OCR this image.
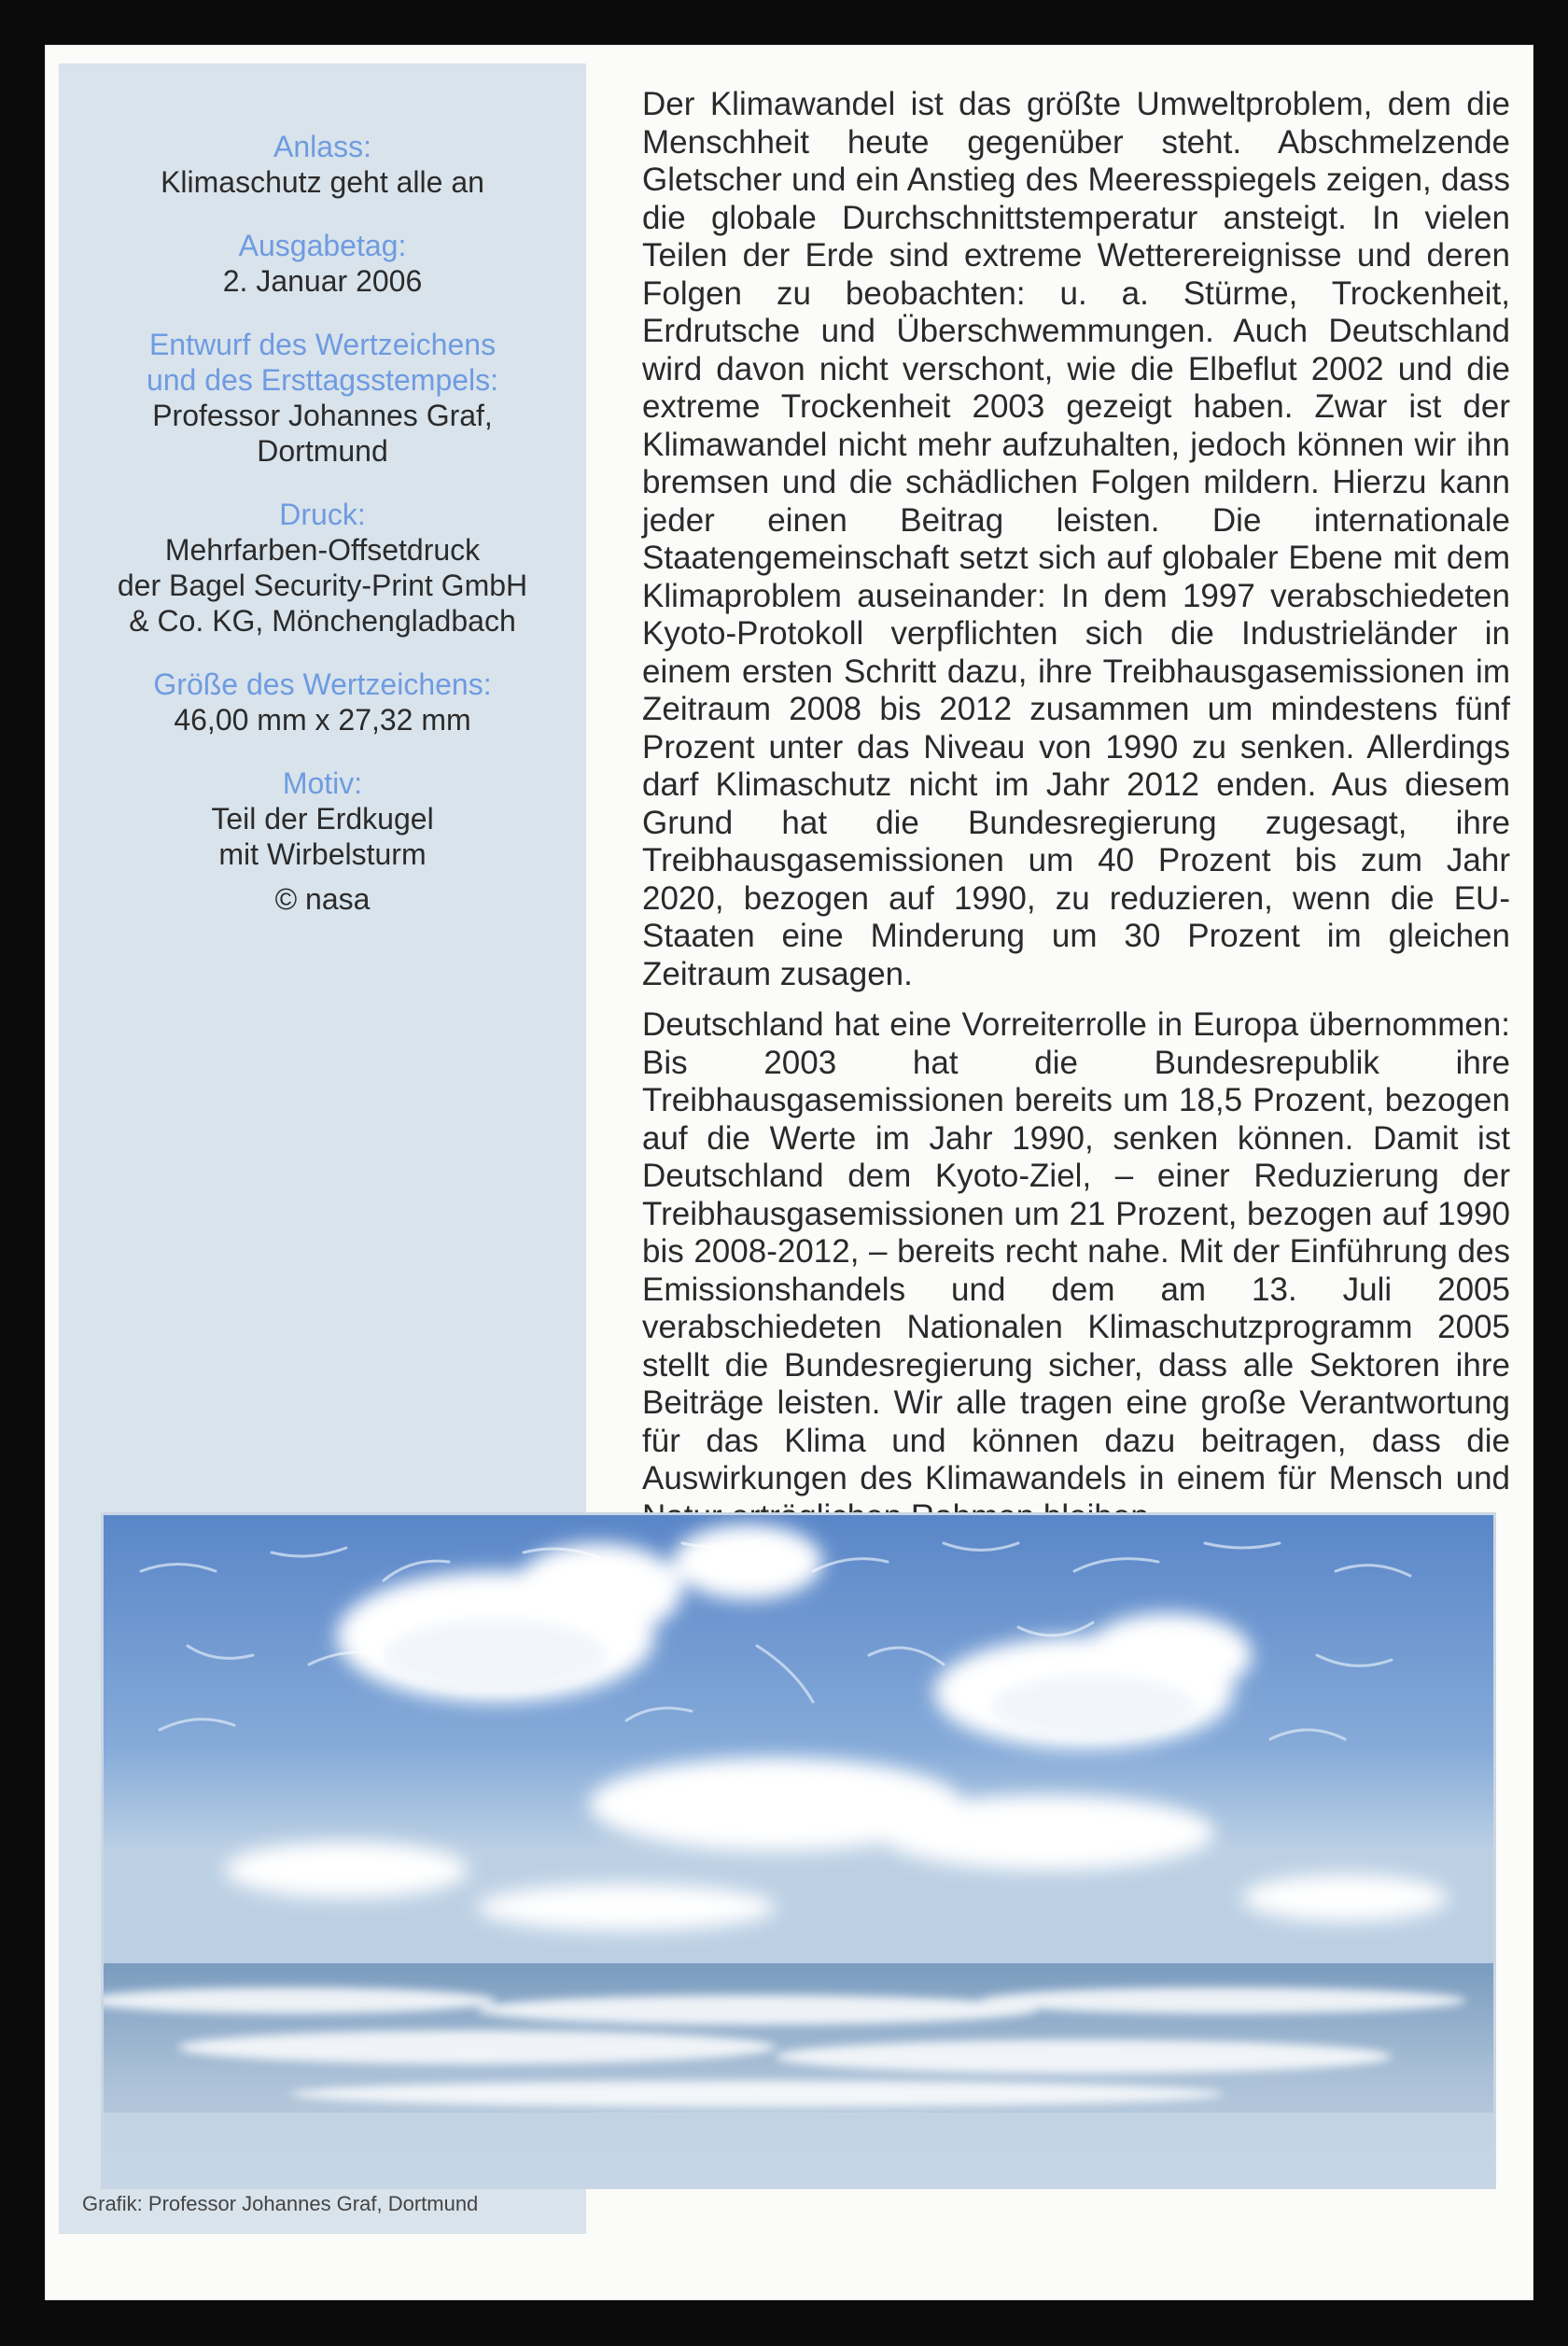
Anlass:
Klimaschutz geht alle an
Ausgabetag:
2. Januar 2006
Entwurf des Wertzeichens
und des Ersttagsstempels:
Professor Johannes Graf,
Dortmund
Druck:
Mehrfarben-Offsetdruck
der Bagel Security-Print GmbH
& Co. KG, Mönchengladbach
Größe des Wertzeichens:
46,00 mm x 27,32 mm
Motiv:
Teil der Erdkugel
mit Wirbelsturm
© nasa

Der Klimawandel ist das größte Umweltproblem, dem die Menschheit heute gegenüber steht. Abschmelzende Gletscher und ein Anstieg des Meeresspiegels zeigen, dass die globale Durchschnittstemperatur ansteigt. In vielen Teilen der Erde sind extreme Wetterereignisse und deren Folgen zu beobachten: u. a. Stürme, Trockenheit, Erdrutsche und Überschwemmungen. Auch Deutschland wird davon nicht verschont, wie die Elbeflut 2002 und die extreme Trockenheit 2003 gezeigt haben. Zwar ist der Klimawandel nicht mehr aufzuhalten, jedoch können wir ihn bremsen und die schädlichen Folgen mildern. Hierzu kann jeder einen Beitrag leisten. Die internationale Staatengemeinschaft setzt sich auf globaler Ebene mit dem Klimaproblem auseinander: In dem 1997 verabschiedeten Kyoto-Protokoll verpflichten sich die Industrieländer in einem ersten Schritt dazu, ihre Treibhausgasemissionen im Zeitraum 2008 bis 2012 zusammen um mindestens fünf Prozent unter das Niveau von 1990 zu senken. Allerdings darf Klimaschutz nicht im Jahr 2012 enden. Aus diesem Grund hat die Bundesregierung zugesagt, ihre Treibhausgasemissionen um 40 Prozent bis zum Jahr 2020, bezogen auf 1990, zu reduzieren, wenn die EU-Staaten eine Minderung um 30 Prozent im gleichen Zeitraum zusagen.

Deutschland hat eine Vorreiterrolle in Europa übernommen: Bis 2003 hat die Bundesrepublik ihre Treibhausgasemissionen bereits um 18,5 Prozent, bezogen auf die Werte im Jahr 1990, senken können. Damit ist Deutschland dem Kyoto-Ziel, – einer Reduzierung der Treibhausgasemissionen um 21 Prozent, bezogen auf 1990 bis 2008-2012, – bereits recht nahe. Mit der Einführung des Emissionshandels und dem am 13. Juli 2005 verabschiedeten Nationalen Klimaschutzprogramm 2005 stellt die Bundesregierung sicher, dass alle Sektoren ihre Beiträge leisten. Wir alle tragen eine große Verantwortung für das Klima und können dazu beitragen, dass die Auswirkungen des Klimawandels in einem für Mensch und

Grafik: Professor Johannes Graf, Dortmund
